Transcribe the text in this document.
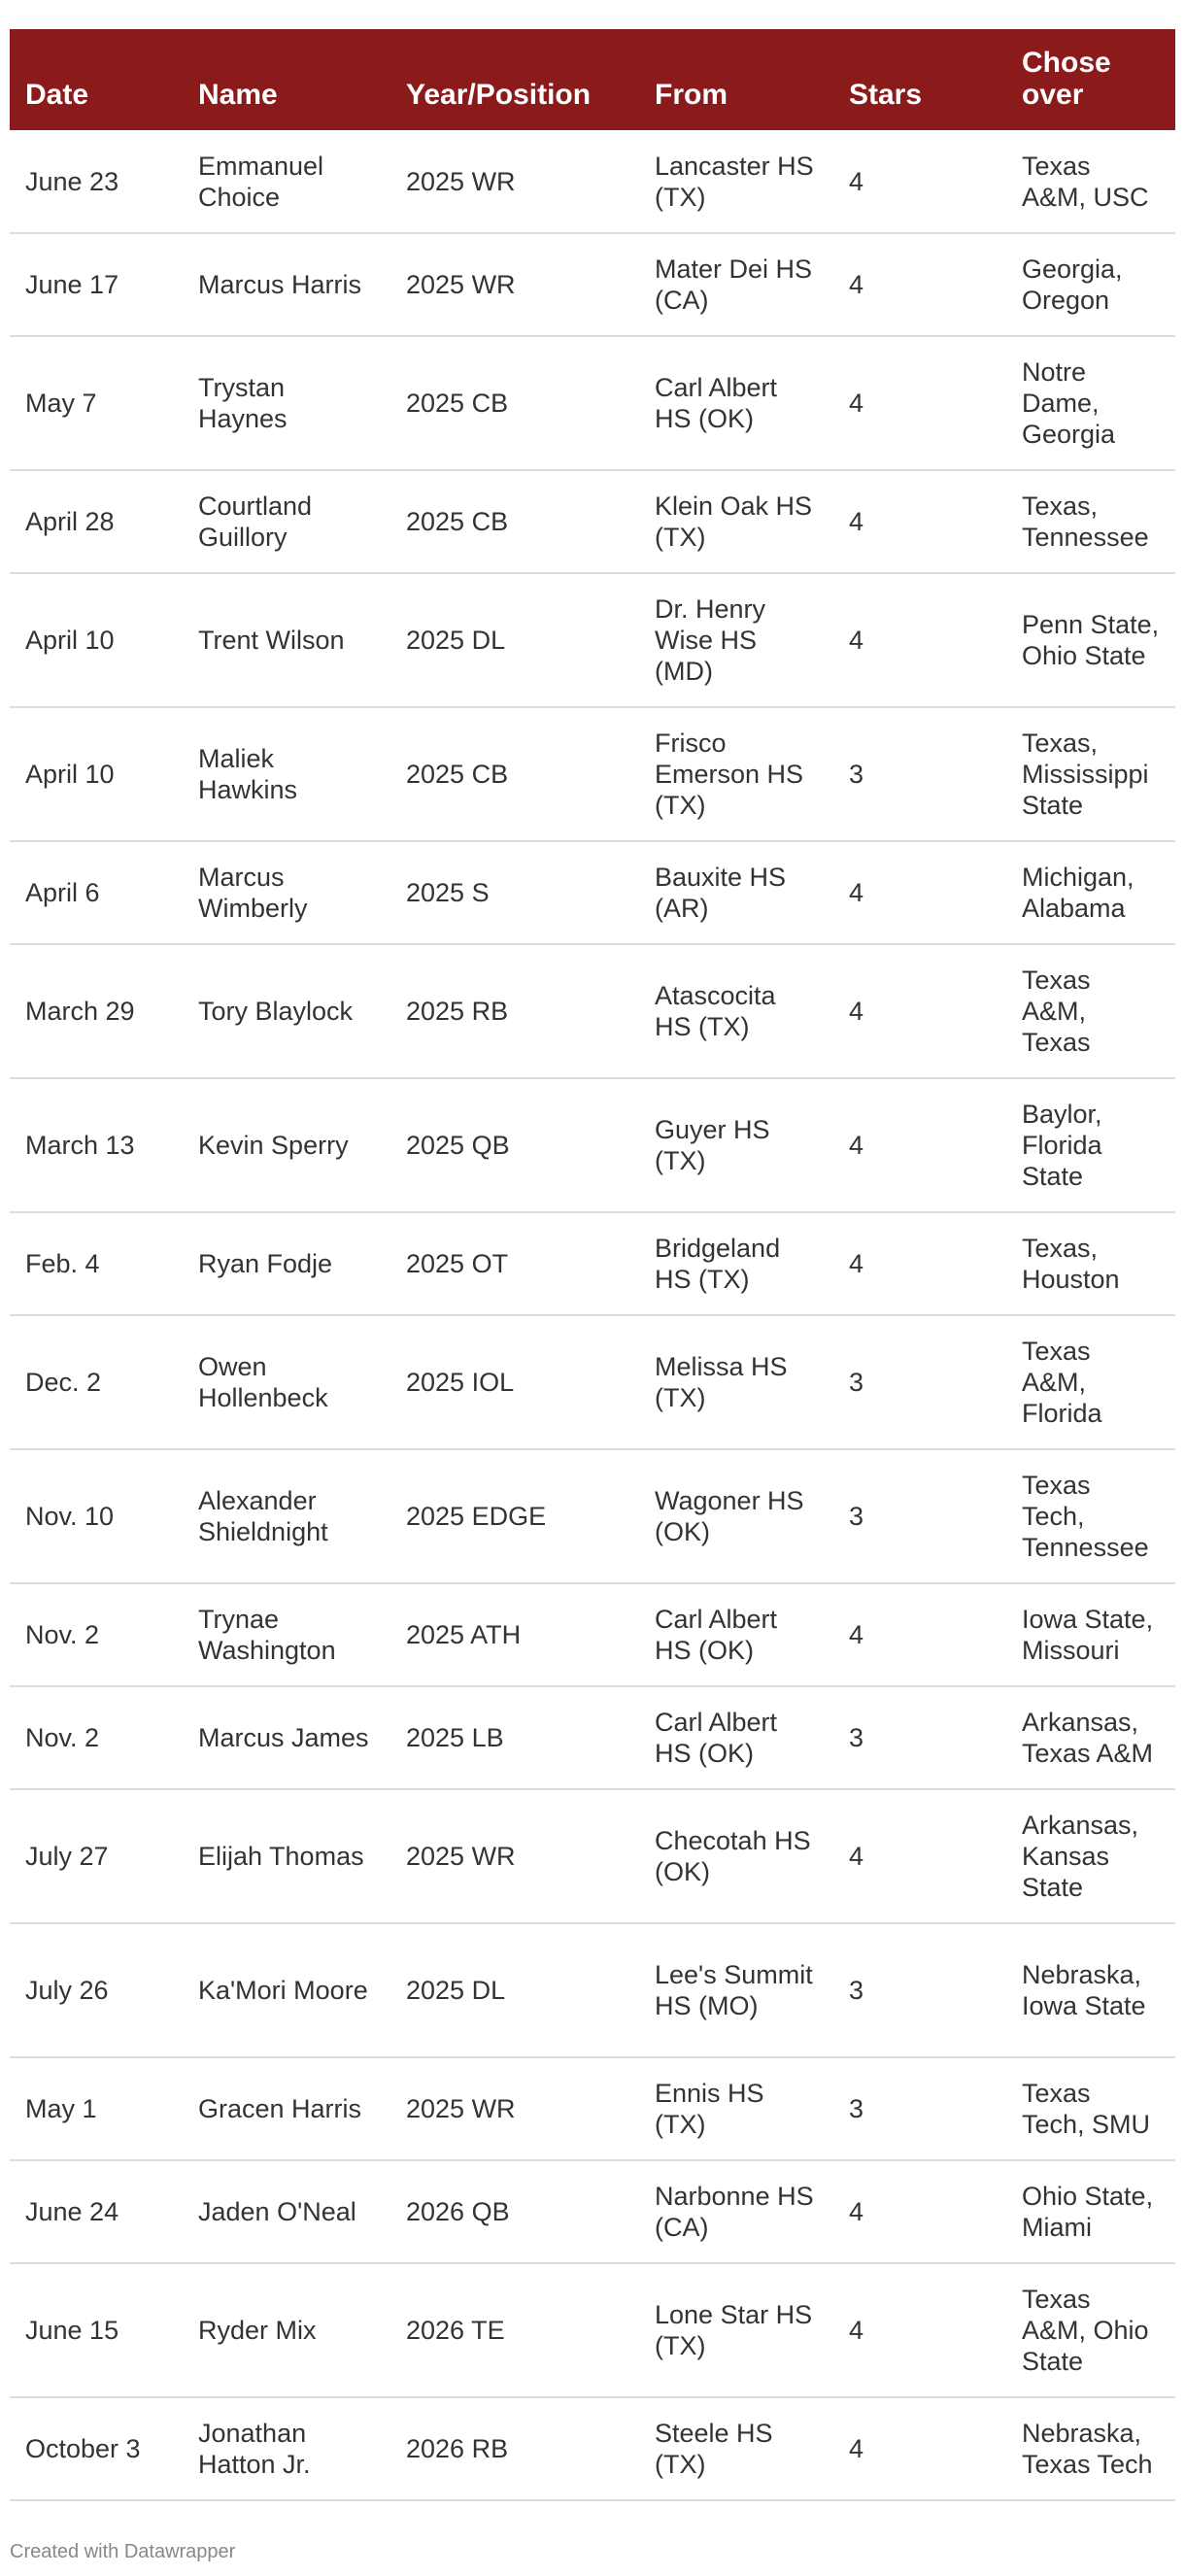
Date	Name	Year/Position	From	Stars	Chose over
June 23	Emmanuel Choice	2025 WR	Lancaster HS (TX)	4	Texas A&M, USC
June 17	Marcus Harris	2025 WR	Mater Dei HS (CA)	4	Georgia, Oregon
May 7	Trystan Haynes	2025 CB	Carl Albert HS (OK)	4	Notre Dame, Georgia
April 28	Courtland Guillory	2025 CB	Klein Oak HS (TX)	4	Texas, Tennessee
April 10	Trent Wilson	2025 DL	Dr. Henry Wise HS (MD)	4	Penn State, Ohio State
April 10	Maliek Hawkins	2025 CB	Frisco Emerson HS (TX)	3	Texas, Mississippi State
April 6	Marcus Wimberly	2025 S	Bauxite HS (AR)	4	Michigan, Alabama
March 29	Tory Blaylock	2025 RB	Atascocita HS (TX)	4	Texas A&M, Texas
March 13	Kevin Sperry	2025 QB	Guyer HS (TX)	4	Baylor, Florida State
Feb. 4	Ryan Fodje	2025 OT	Bridgeland HS (TX)	4	Texas, Houston
Dec. 2	Owen Hollenbeck	2025 IOL	Melissa HS (TX)	3	Texas A&M, Florida
Nov. 10	Alexander Shieldnight	2025 EDGE	Wagoner HS (OK)	3	Texas Tech, Tennessee
Nov. 2	Trynae Washington	2025 ATH	Carl Albert HS (OK)	4	Iowa State, Missouri
Nov. 2	Marcus James	2025 LB	Carl Albert HS (OK)	3	Arkansas, Texas A&M
July 27	Elijah Thomas	2025 WR	Checotah HS (OK)	4	Arkansas, Kansas State
July 26	Ka'Mori Moore	2025 DL	Lee's Summit HS (MO)	3	Nebraska, Iowa State
May 1	Gracen Harris	2025 WR	Ennis HS (TX)	3	Texas Tech, SMU
June 24	Jaden O'Neal	2026 QB	Narbonne HS (CA)	4	Ohio State, Miami
June 15	Ryder Mix	2026 TE	Lone Star HS (TX)	4	Texas A&M, Ohio State
October 3	Jonathan Hatton Jr.	2026 RB	Steele HS (TX)	4	Nebraska, Texas Tech
Created with Datawrapper
